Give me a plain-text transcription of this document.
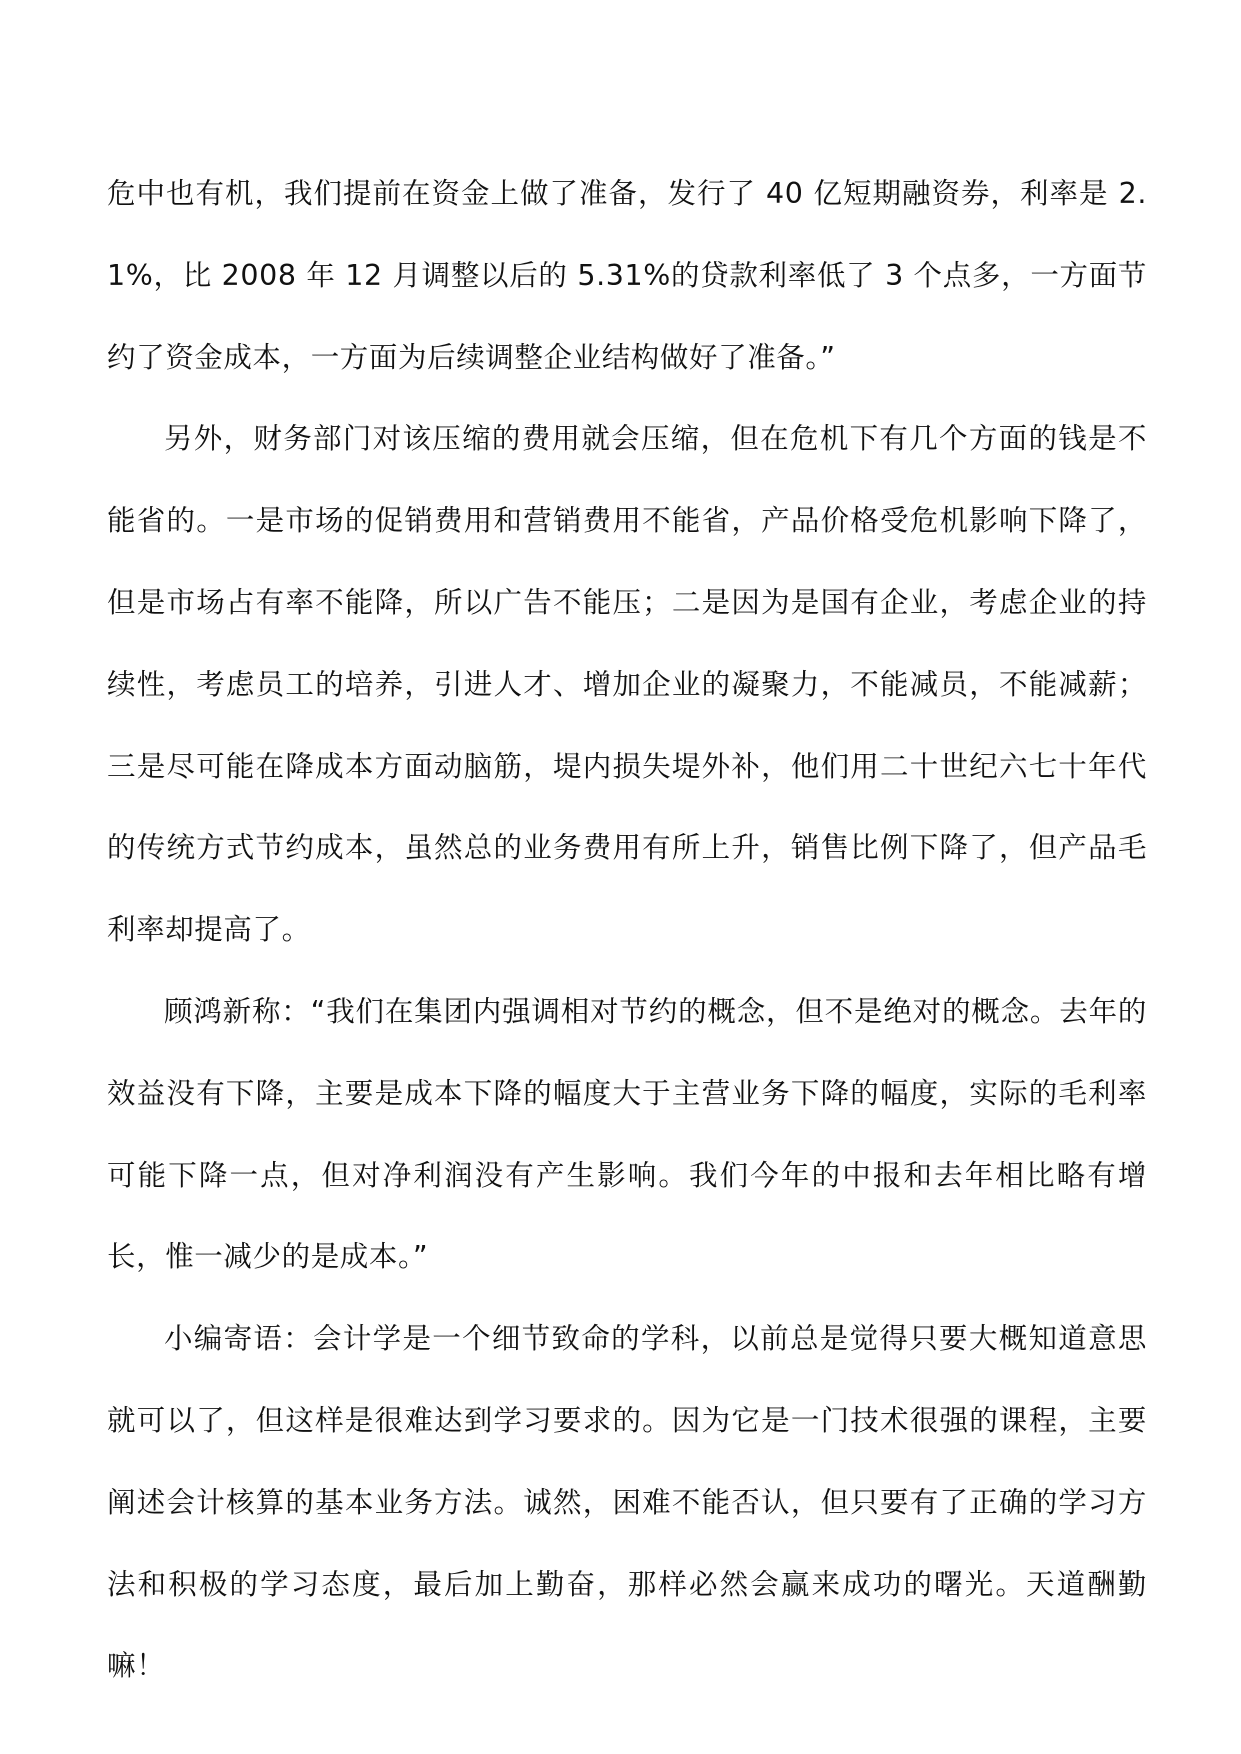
危中也有机，我们提前在资金上做了准备，发行了 40 亿短期融资券，利率是 2.1%，比 2008 年 12 月调整以后的 5.31%的贷款利率低了 3 个点多，一方面节约了资金成本，一方面为后续调整企业结构做好了准备。”

另外，财务部门对该压缩的费用就会压缩，但在危机下有几个方面的钱是不能省的。一是市场的促销费用和营销费用不能省，产品价格受危机影响下降了，但是市场占有率不能降，所以广告不能压；二是因为是国有企业，考虑企业的持续性，考虑员工的培养，引进人才、增加企业的凝聚力，不能减员，不能减薪；三是尽可能在降成本方面动脑筋，堤内损失堤外补，他们用二十世纪六七十年代的传统方式节约成本，虽然总的业务费用有所上升，销售比例下降了，但产品毛利率却提高了。

顾鸿新称：“我们在集团内强调相对节约的概念，但不是绝对的概念。去年的效益没有下降，主要是成本下降的幅度大于主营业务下降的幅度，实际的毛利率可能下降一点，但对净利润没有产生影响。我们今年的中报和去年相比略有增长，惟一减少的是成本。”

小编寄语：会计学是一个细节致命的学科，以前总是觉得只要大概知道意思就可以了，但这样是很难达到学习要求的。因为它是一门技术很强的课程，主要阐述会计核算的基本业务方法。诚然，困难不能否认，但只要有了正确的学习方法和积极的学习态度，最后加上勤奋，那样必然会赢来成功的曙光。天道酬勤嘛！
